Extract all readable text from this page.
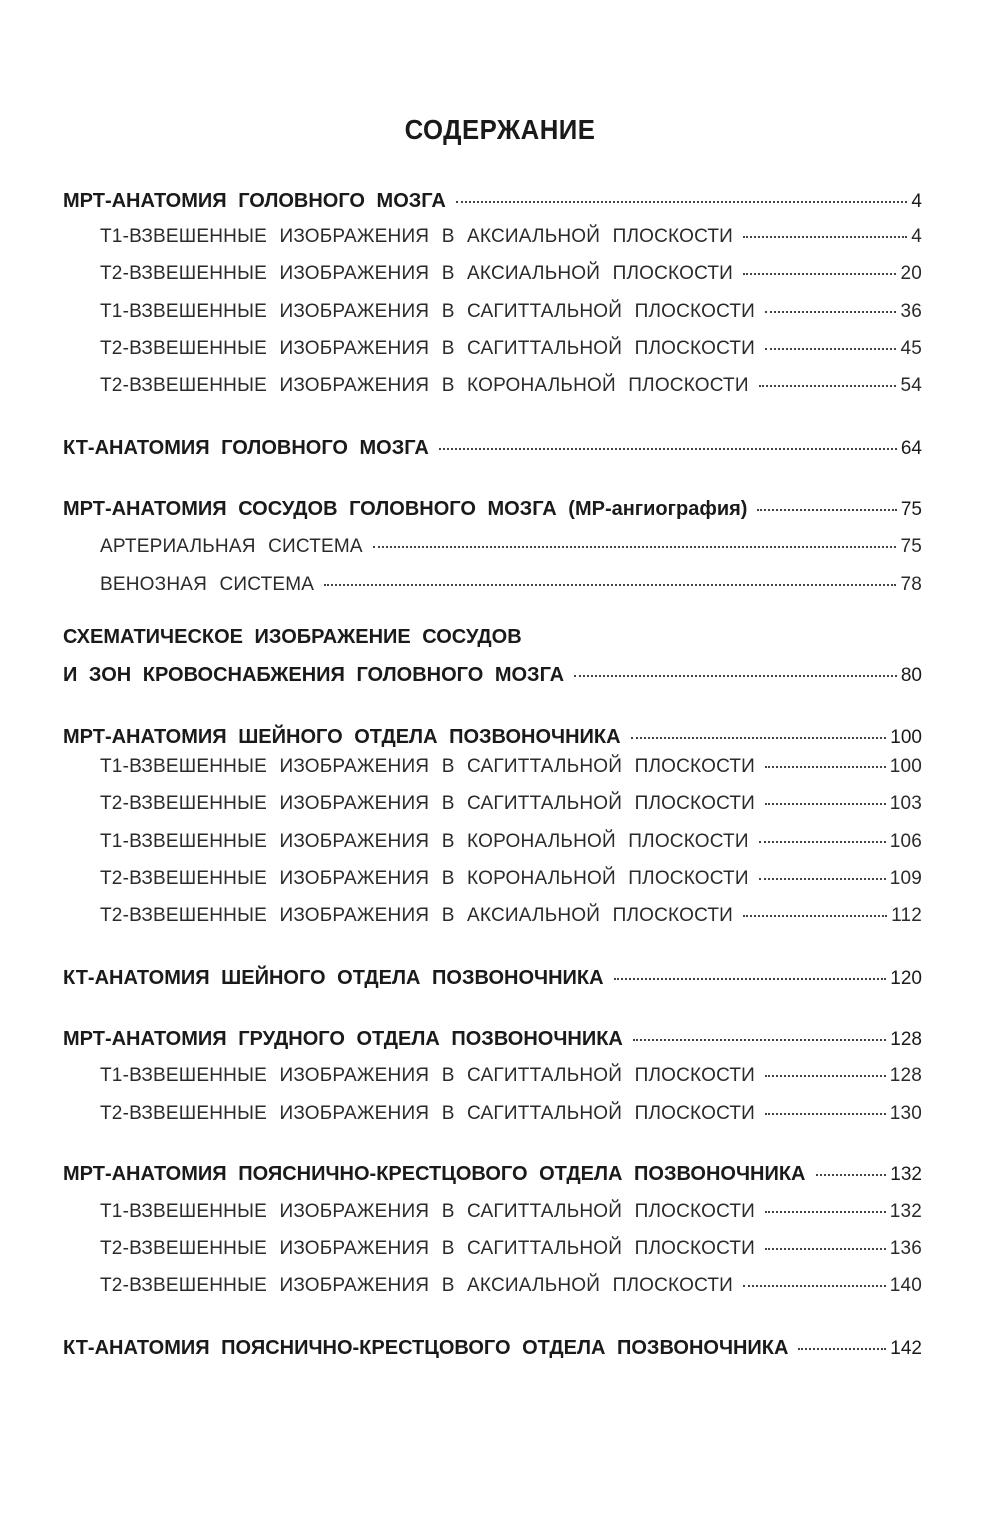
СОДЕРЖАНИЕ
МРТ-АНАТОМИЯ ГОЛОВНОГО МОЗГА	4
Т1-ВЗВЕШЕННЫЕ ИЗОБРАЖЕНИЯ В АКСИАЛЬНОЙ ПЛОСКОСТИ	4
Т2-ВЗВЕШЕННЫЕ ИЗОБРАЖЕНИЯ В АКСИАЛЬНОЙ ПЛОСКОСТИ	20
Т1-ВЗВЕШЕННЫЕ ИЗОБРАЖЕНИЯ В САГИТТАЛЬНОЙ ПЛОСКОСТИ	36
Т2-ВЗВЕШЕННЫЕ ИЗОБРАЖЕНИЯ В САГИТТАЛЬНОЙ ПЛОСКОСТИ	45
Т2-ВЗВЕШЕННЫЕ ИЗОБРАЖЕНИЯ В КОРОНАЛЬНОЙ ПЛОСКОСТИ	54
КТ-АНАТОМИЯ ГОЛОВНОГО МОЗГА	64
МРТ-АНАТОМИЯ СОСУДОВ ГОЛОВНОГО МОЗГА (МР-ангиография)	75
АРТЕРИАЛЬНАЯ СИСТЕМА	75
ВЕНОЗНАЯ СИСТЕМА	78
СХЕМАТИЧЕСКОЕ ИЗОБРАЖЕНИЕ СОСУДОВ
И ЗОН КРОВОСНАБЖЕНИЯ ГОЛОВНОГО МОЗГА	80
МРТ-АНАТОМИЯ ШЕЙНОГО ОТДЕЛА ПОЗВОНОЧНИКА	100
Т1-ВЗВЕШЕННЫЕ ИЗОБРАЖЕНИЯ В САГИТТАЛЬНОЙ ПЛОСКОСТИ	100
Т2-ВЗВЕШЕННЫЕ ИЗОБРАЖЕНИЯ В САГИТТАЛЬНОЙ ПЛОСКОСТИ	103
Т1-ВЗВЕШЕННЫЕ ИЗОБРАЖЕНИЯ В КОРОНАЛЬНОЙ ПЛОСКОСТИ	106
Т2-ВЗВЕШЕННЫЕ ИЗОБРАЖЕНИЯ В КОРОНАЛЬНОЙ ПЛОСКОСТИ	109
Т2-ВЗВЕШЕННЫЕ ИЗОБРАЖЕНИЯ В АКСИАЛЬНОЙ ПЛОСКОСТИ	112
КТ-АНАТОМИЯ ШЕЙНОГО ОТДЕЛА ПОЗВОНОЧНИКА	120
МРТ-АНАТОМИЯ ГРУДНОГО ОТДЕЛА ПОЗВОНОЧНИКА	128
Т1-ВЗВЕШЕННЫЕ ИЗОБРАЖЕНИЯ В САГИТТАЛЬНОЙ ПЛОСКОСТИ	128
Т2-ВЗВЕШЕННЫЕ ИЗОБРАЖЕНИЯ В САГИТТАЛЬНОЙ ПЛОСКОСТИ	130
МРТ-АНАТОМИЯ ПОЯСНИЧНО-КРЕСТЦОВОГО ОТДЕЛА ПОЗВОНОЧНИКА	132
Т1-ВЗВЕШЕННЫЕ ИЗОБРАЖЕНИЯ В САГИТТАЛЬНОЙ ПЛОСКОСТИ	132
Т2-ВЗВЕШЕННЫЕ ИЗОБРАЖЕНИЯ В САГИТТАЛЬНОЙ ПЛОСКОСТИ	136
Т2-ВЗВЕШЕННЫЕ ИЗОБРАЖЕНИЯ В АКСИАЛЬНОЙ ПЛОСКОСТИ	140
КТ-АНАТОМИЯ ПОЯСНИЧНО-КРЕСТЦОВОГО ОТДЕЛА ПОЗВОНОЧНИКА	142
